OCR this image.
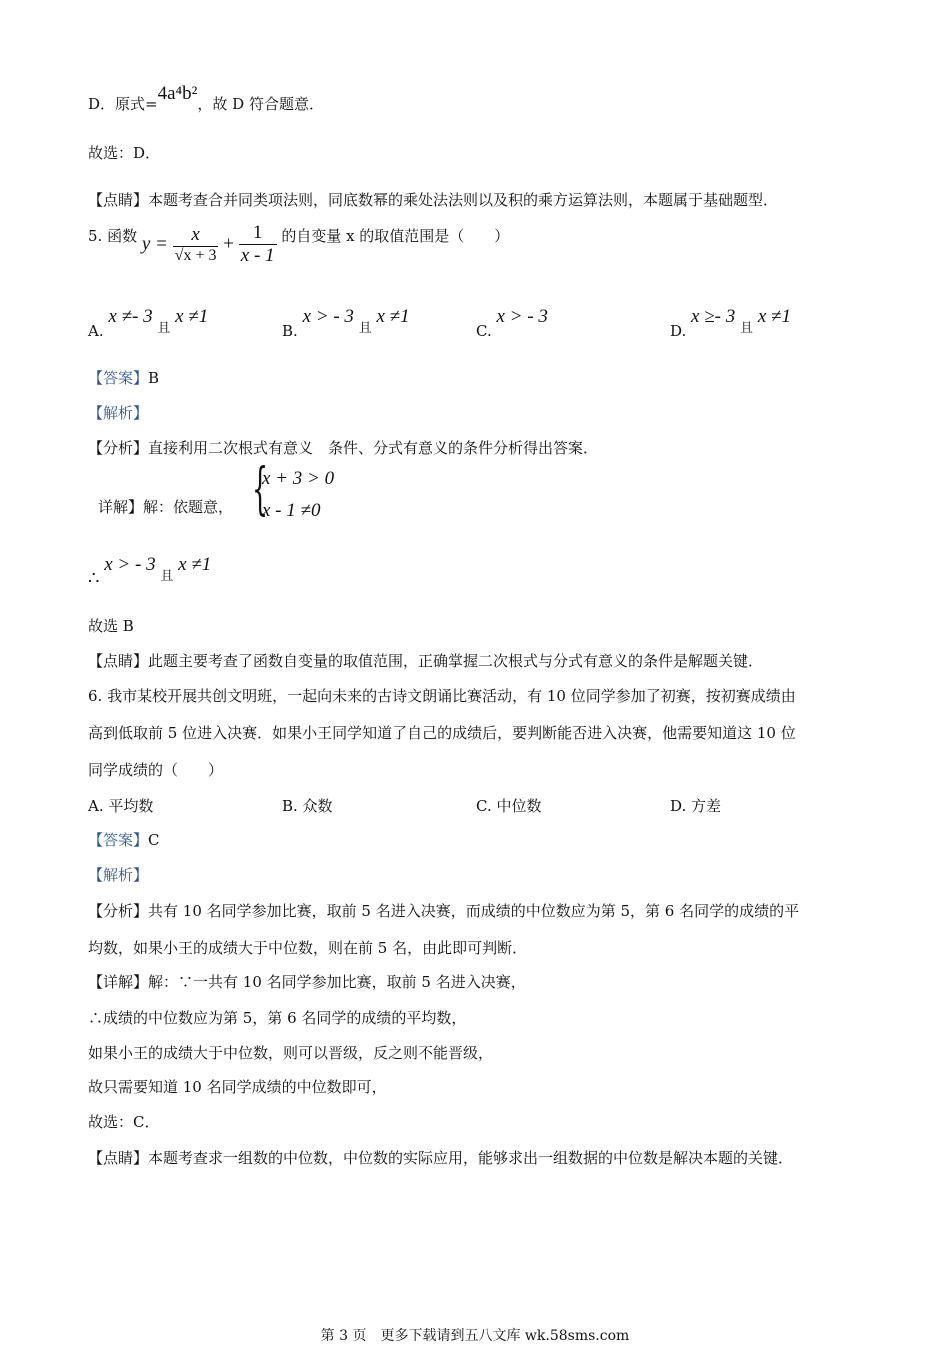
D．原式=4a⁴b²，故 D 符合题意．
故选：D．
【点睛】本题考查合并同类项法则，同底数幂的乘处法法则以及积的乘方运算法则，本题属于基础题型．
5. 函数 $y = \frac{x}{√x + 3} + \frac{1}{x - 1}$ 的自变量 x 的取值范围是（　　）
A. x ≠- 3 且 x ≠1
B. x > - 3 且 x ≠1
C. x > - 3
D. x ≥- 3 且 x ≠1
【答案】B
【解析】
【分析】直接利用二次根式有意义　条件、分式有意义的条件分析得出答案．
详解】解：依题意， {
x + 3 > 0
x - 1 ≠0
∴ x > - 3 且 x ≠1
故选 B
【点睛】此题主要考查了函数自变量的取值范围，正确掌握二次根式与分式有意义的条件是解题关键．
6. 我市某校开展共创文明班，一起向未来的古诗文朗诵比赛活动，有 10 位同学参加了初赛，按初赛成绩由
高到低取前 5 位进入决赛．如果小王同学知道了自己的成绩后，要判断能否进入决赛，他需要知道这 10 位
同学成绩的（　　）
A. 平均数	B. 众数	C. 中位数	D. 方差
【答案】C
【解析】
【分析】共有 10 名同学参加比赛，取前 5 名进入决赛，而成绩的中位数应为第 5，第 6 名同学的成绩的平
均数，如果小王的成绩大于中位数，则在前 5 名，由此即可判断．
【详解】解：∵一共有 10 名同学参加比赛，取前 5 名进入决赛，
∴成绩的中位数应为第 5，第 6 名同学的成绩的平均数，
如果小王的成绩大于中位数，则可以晋级，反之则不能晋级，
故只需要知道 10 名同学成绩的中位数即可，
故选：C．
【点睛】本题考查求一组数的中位数，中位数的实际应用，能够求出一组数据的中位数是解决本题的关键．
第 3 页　更多下载请到五八文库 wk.58sms.com
